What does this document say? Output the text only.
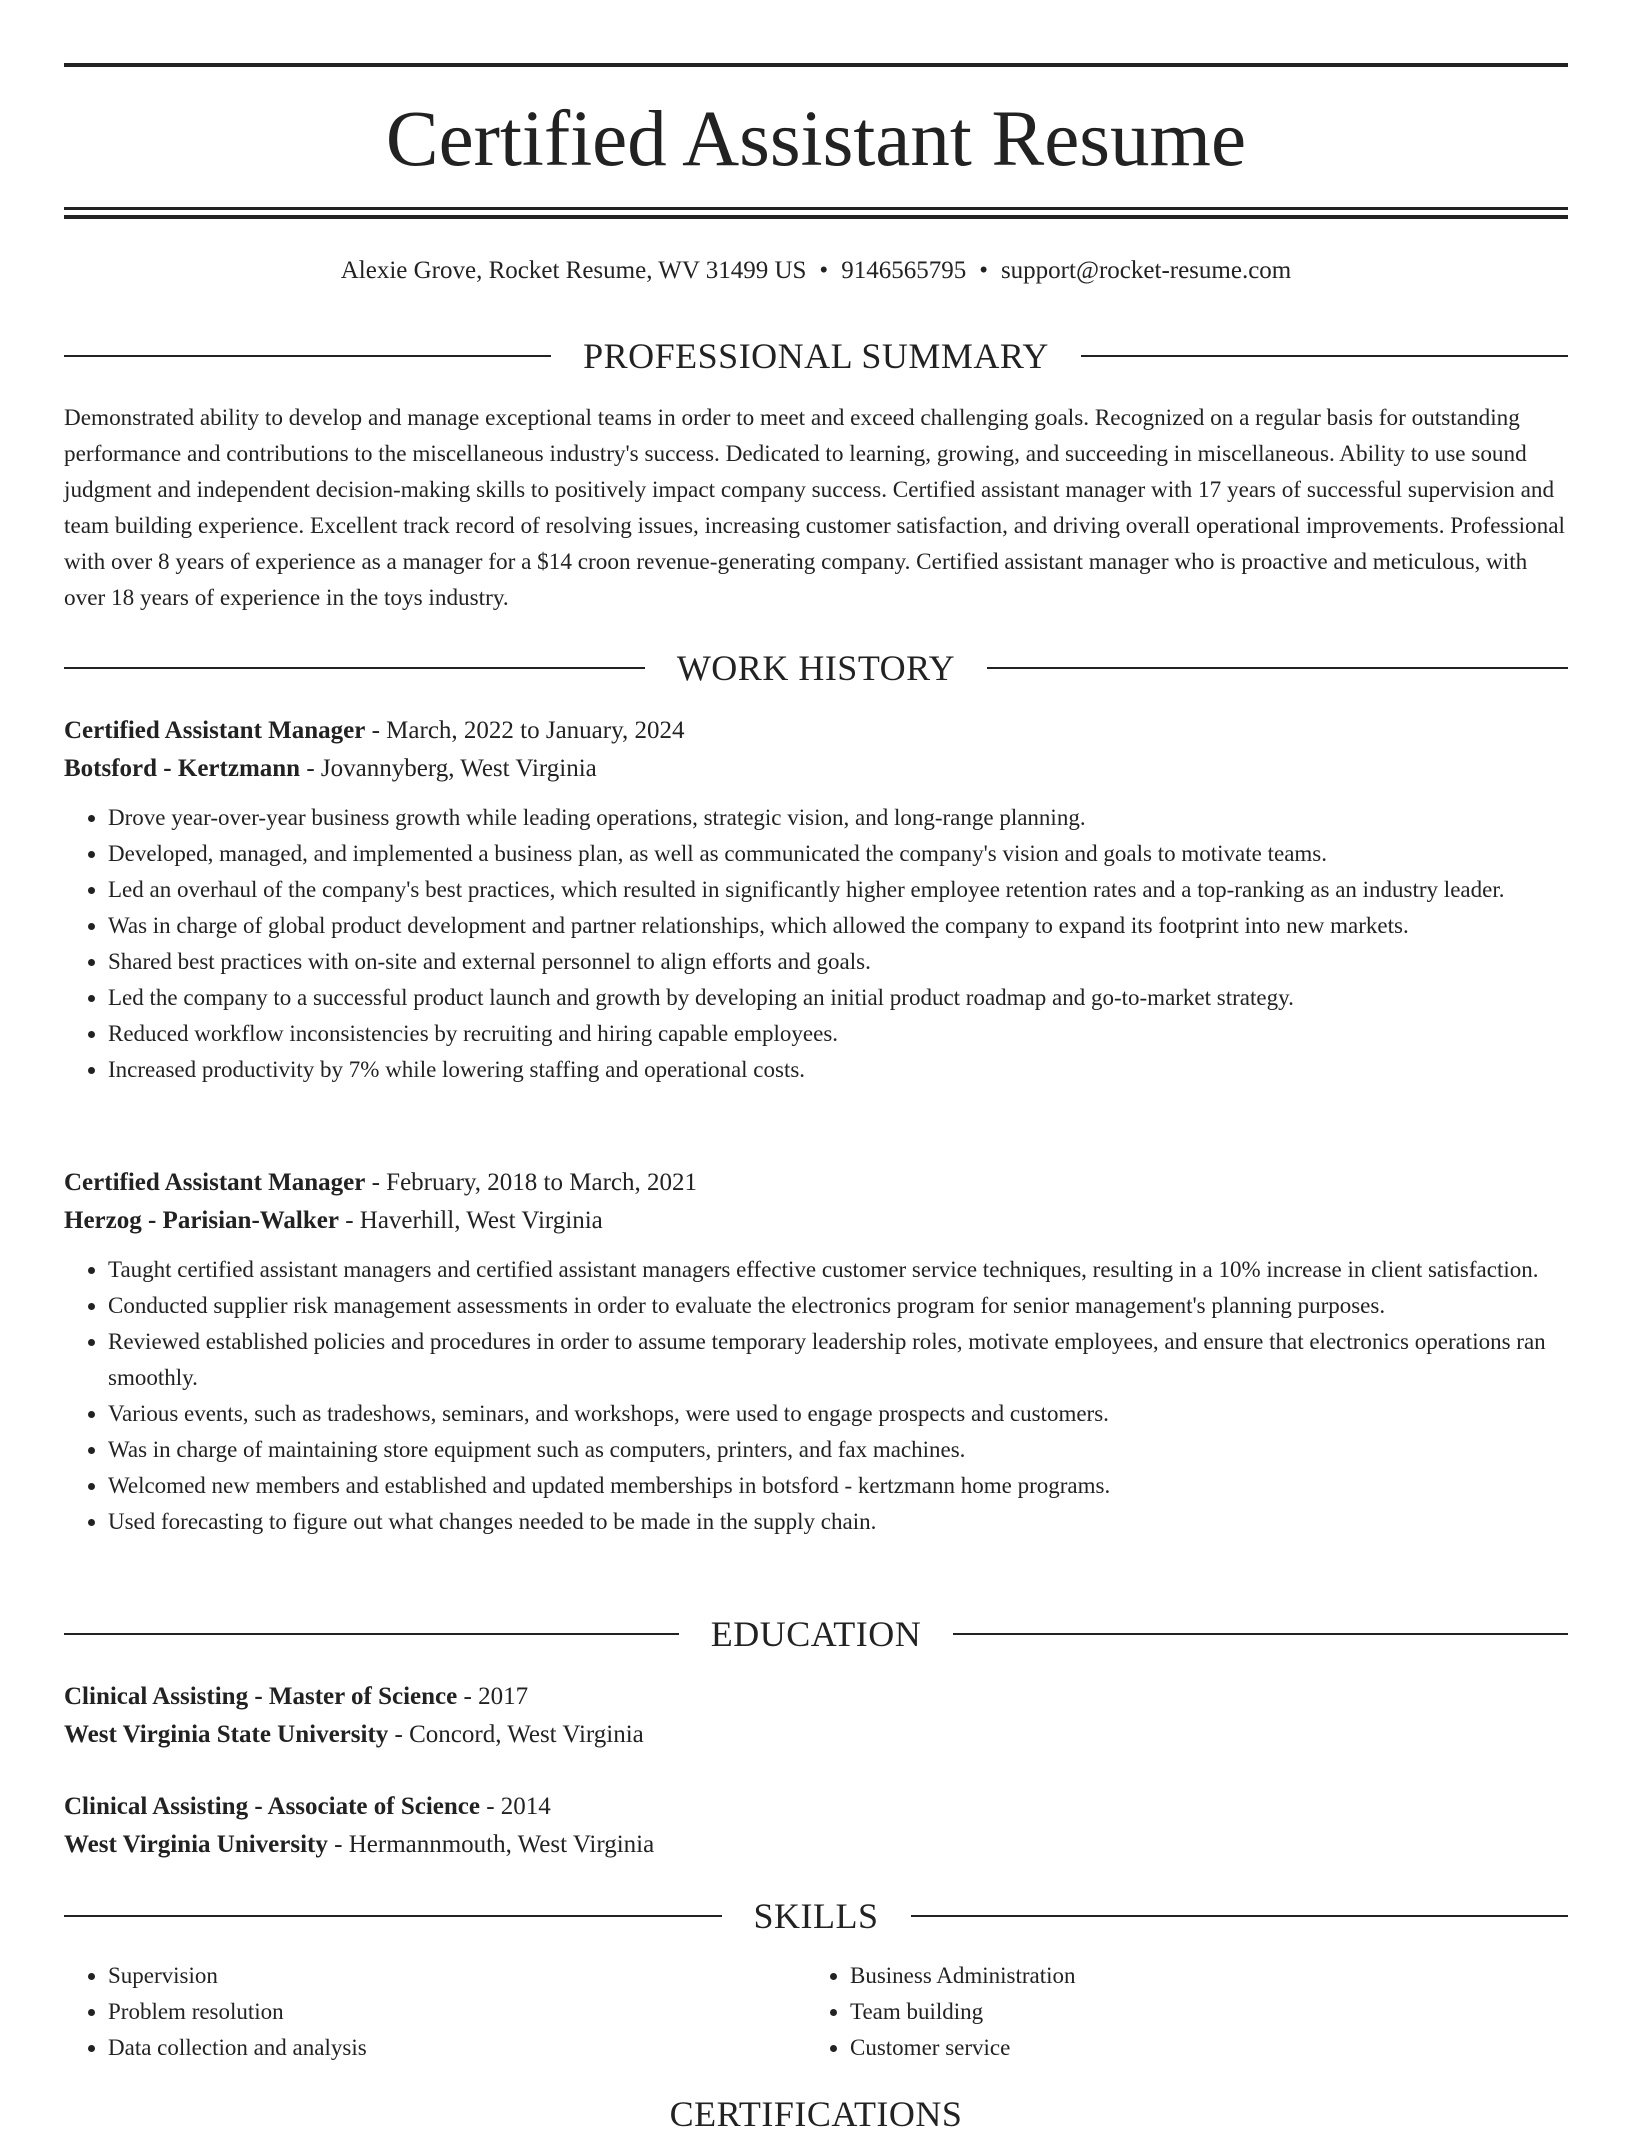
Certified Assistant Resume
Alexie Grove, Rocket Resume, WV 31499 US • 9146565795 • support@rocket-resume.com
PROFESSIONAL SUMMARY

Demonstrated ability to develop and manage exceptional teams in order to meet and exceed challenging goals. Recognized on a regular basis for outstanding performance and contributions to the miscellaneous industry's success. Dedicated to learning, growing, and succeeding in miscellaneous. Ability to use sound judgment and independent decision-making skills to positively impact company success. Certified assistant manager with 17 years of successful supervision and team building experience. Excellent track record of resolving issues, increasing customer satisfaction, and driving overall operational improvements. Professional with over 8 years of experience as a manager for a $14 croon revenue-generating company. Certified assistant manager who is proactive and meticulous, with over 18 years of experience in the toys industry.

WORK HISTORY
Certified Assistant Manager - March, 2022 to January, 2024
Botsford - Kertzmann - Jovannyberg, West Virginia
• Drove year-over-year business growth while leading operations, strategic vision, and long-range planning.
• Developed, managed, and implemented a business plan, as well as communicated the company's vision and goals to motivate teams.
• Led an overhaul of the company's best practices, which resulted in significantly higher employee retention rates and a top-ranking as an industry leader.
• Was in charge of global product development and partner relationships, which allowed the company to expand its footprint into new markets.
• Shared best practices with on-site and external personnel to align efforts and goals.
• Led the company to a successful product launch and growth by developing an initial product roadmap and go-to-market strategy.
• Reduced workflow inconsistencies by recruiting and hiring capable employees.
• Increased productivity by 7% while lowering staffing and operational costs.
Certified Assistant Manager - February, 2018 to March, 2021
Herzog - Parisian-Walker - Haverhill, West Virginia
• Taught certified assistant managers and certified assistant managers effective customer service techniques, resulting in a 10% increase in client satisfaction.
• Conducted supplier risk management assessments in order to evaluate the electronics program for senior management's planning purposes.
• Reviewed established policies and procedures in order to assume temporary leadership roles, motivate employees, and ensure that electronics operations ran smoothly.
• Various events, such as tradeshows, seminars, and workshops, were used to engage prospects and customers.
• Was in charge of maintaining store equipment such as computers, printers, and fax machines.
• Welcomed new members and established and updated memberships in botsford - kertzmann home programs.
• Used forecasting to figure out what changes needed to be made in the supply chain.
EDUCATION
Clinical Assisting - Master of Science - 2017
West Virginia State University - Concord, West Virginia
Clinical Assisting - Associate of Science - 2014
West Virginia University - Hermannmouth, West Virginia
SKILLS
• Supervision
• Problem resolution
• Data collection and analysis
• Business Administration
• Team building
• Customer service
CERTIFICATIONS
